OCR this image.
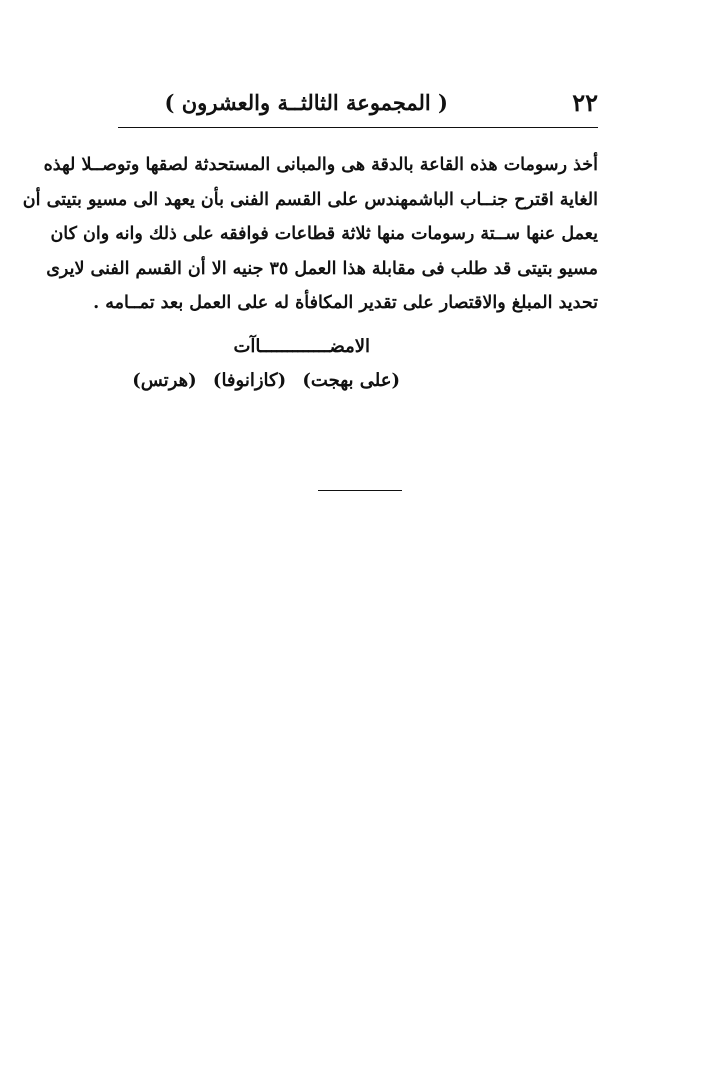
( المجموعة الثالثــة والعشرون )	٢٢
أخذ رسومات هذه القاعة بالدقة هى والمبانى المستحدثة لصقها وتوصــلا لهذه
الغاية اقترح جنــاب الباشمهندس على القسم الفنى بأن يعهد الى مسيو بتيتى أن
يعمل عنها ســتة رسومات منها ثلاثة قطاعات فوافقه على ذلك وانه وان كان
مسيو بتيتى قد طلب فى مقابلة هذا العمل ٣٥ جنيه الا أن القسم الفنى لايرى
تحديد المبلغ والاقتصار على تقدير المكافأة له على العمل بعد تمــامه .
الامضـــــــــــــاآت
(على بهجت) (كازانوفا) (هرتس)
